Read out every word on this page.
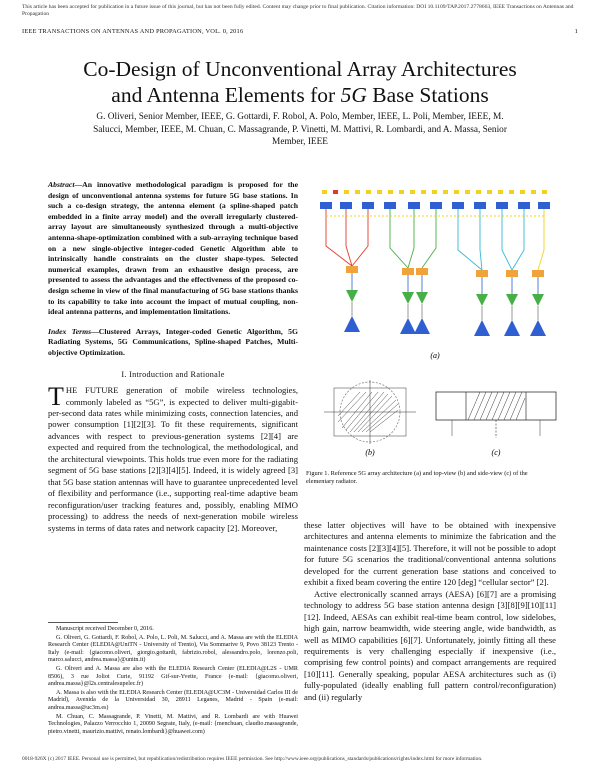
This article has been accepted for publication in a future issue of this journal, but has not been fully edited. Content may change prior to final publication. Citation information: DOI 10.1109/TAP.2017.2778663, IEEE Transactions on Antennas and Propagation
IEEE TRANSACTIONS ON ANTENNAS AND PROPAGATION, VOL. 0, 2016	1
Co-Design of Unconventional Array Architectures
and Antenna Elements for 5G Base Stations
G. Oliveri, Senior Member, IEEE, G. Gottardi, F. Robol, A. Polo, Member, IEEE, L. Poli, Member, IEEE, M.
Salucci, Member, IEEE, M. Chuan, C. Massagrande, P. Vinetti, M. Mattivi, R. Lombardi, and A. Massa, Senior
Member, IEEE
Abstract—An innovative methodological paradigm is proposed for the design of unconventional antenna systems for future 5G base stations. In such a co-design strategy, the antenna element (a spline-shaped patch embedded in a finite array model) and the overall irregularly clustered-array layout are simultaneously synthesized through a multi-objective antenna-shape-optimization combined with a sub-arraying technique based on a new single-objective integer-coded Genetic Algorithm able to intrinsically handle constraints on the cluster shape-types. Selected numerical examples, drawn from an exhaustive design process, are presented to assess the advantages and the effectiveness of the proposed co-design scheme in view of the final manufacturing of 5G base stations thanks to its capability to take into account the impact of mutual coupling, non-ideal antenna patterns, and implementation limitations.
Index Terms—Clustered Arrays, Integer-coded Genetic Algorithm, 5G Radiating Systems, 5G Communications, Spline-shaped Patches, Multi-objective Optimization.
I. Introduction and Rationale
THE FUTURE generation of mobile wireless technologies, commonly labeled as “5G”, is expected to deliver multi-gigabit-per-second data rates while minimizing costs, connection latencies, and power consumption [1][2][3]. To fit these requirements, significant advances with respect to previous-generation systems [2][4] are expected and required from the technological, the methodological, and the architectural viewpoints. This holds true even more for the radiating segment of 5G base stations [2][3][4][5]. Indeed, it is widely agreed [3] that 5G base station antennas will have to guarantee unprecedented level of flexibility and performance (i.e., supporting real-time adaptive beam reconfiguration/user tracking features and, possibly, enabling MIMO processing) to address the needs of next-generation mobile wireless systems in terms of data rates and network capacity [2]. Moreover,

Manuscript received December 0, 2016.

G. Oliveri, G. Gottardi, F. Robol, A. Polo, L. Poli, M. Salucci, and A. Massa are with the ELEDIA Research Center (ELEDIA@UniTN - University of Trento), Via Sommarive 9, Povo 38123 Trento - Italy (e-mail: {giacomo.oliveri, giorgio.gottardi, fabrizio.robol, alessandro.polo, lorenzo.poli, marco.salucci, andrea.massa}@unitn.it)

G. Oliveri and A. Massa are also with the ELEDIA Research Center (ELEDIA@L2S - UMR 8506), 3 rue Joliot Curie, 91192 Gif-sur-Yvette, France (e-mail: {giacomo.oliveri, andrea.massa}@l2s.centralesupelec.fr)

A. Massa is also with the ELEDIA Research Center (ELEDIA@UC3M - Universidad Carlos III de Madrid), Avenida de la Universidad 30, 28911 Leganes, Madrid - Spain (e-mail: andrea.massa@uc3m.es)

M. Chuan, C. Massagrande, P. Vinetti, M. Mattivi, and R. Lombardi are with Huawei Technologies, Palazzo Verrocchio 1, 20090 Segrate, Italy, (e-mail: {menchuan, claudio.massagrande, pietro.vinetti, maurizio.mattivi, renato.lombardi}@huawei.com)

(a)
(b)	(c)
Figure 1. Reference 5G array architecture (a) and top-view (b) and side-view (c) of the elementary radiator.

these latter objectives will have to be obtained with inexpensive architectures and antenna elements to minimize the fabrication and the maintenance costs [2][3][4][5]. Therefore, it will not be possible to adopt for future 5G scenarios the traditional/conventional antenna solutions developed for the current generation base stations and conceived to exhibit a fixed beam covering the entire 120 [deg] “cellular sector” [2].

Active electronically scanned arrays (AESA) [6][7] are a promising technology to address 5G base station antenna design [3][8][9][10][11][12]. Indeed, AESAs can exhibit real-time beam control, low sidelobes, high gain, narrow beamwidth, wide steering angle, wide bandwidth, as well as MIMO capabilities [6][7]. Unfortunately, jointly fitting all these requirements is very challenging especially if inexpensive (i.e., comprising few control points) and compact arrangements are required [10][11]. Generally speaking, popular AESA architectures such as (i) fully-populated (ideally enabling full pattern control/reconfiguration) and (ii) regularly

0018-926X (c) 2017 IEEE. Personal use is permitted, but republication/redistribution requires IEEE permission. See http://www.ieee.org/publications_standards/publications/rights/index.html for more information.
